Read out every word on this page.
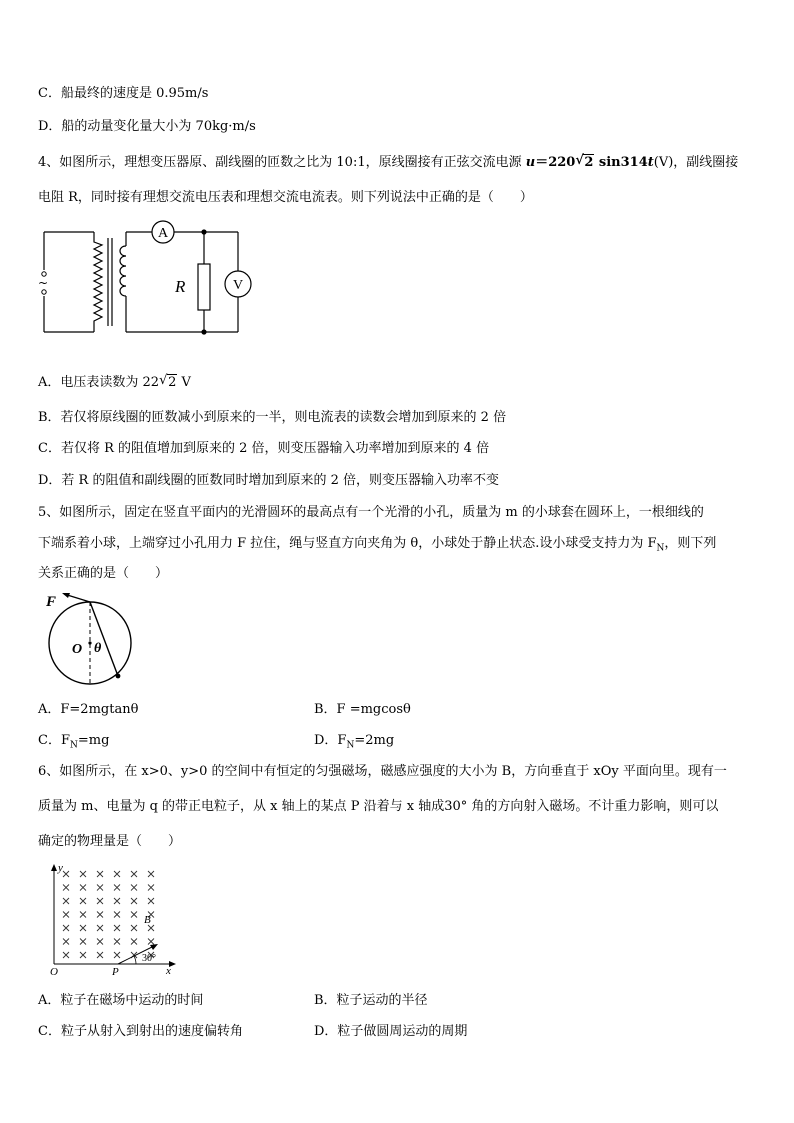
C．船最终的速度是 0.95m/s
D．船的动量变化量大小为 70kg·m/s
4、如图所示，理想变压器原、副线圈的匝数之比为 10:1，原线圈接有正弦交流电源 u＝220 √ 2 sin314t(V)，副线圈接
电阻 R，同时接有理想交流电压表和理想交流电流表。则下列说法中正确的是（　　）
~
A
V
R
A．电压表读数为 22 √ 2 V
B．若仅将原线圈的匝数减小到原来的一半，则电流表的读数会增加到原来的 2 倍
C．若仅将 R 的阻值增加到原来的 2 倍，则变压器输入功率增加到原来的 4 倍
D．若 R 的阻值和副线圈的匝数同时增加到原来的 2 倍，则变压器输入功率不变
5、如图所示，固定在竖直平面内的光滑圆环的最高点有一个光滑的小孔，质量为 m 的小球套在圆环上，一根细线的
下端系着小球，上端穿过小孔用力 F 拉住，绳与竖直方向夹角为 θ，小球处于静止状态.设小球受支持力为 $F_N$，则下列
关系正确的是（　　）
F
O θ
A．F=2mgtanθ	B．F =mgcosθ
C．$F_N=mg$	D．$F_N=2mg$
6、如图所示，在 x>0、y>0 的空间中有恒定的匀强磁场，磁感应强度的大小为 B，方向垂直于 xOy 平面向里。现有一
质量为 m、电量为 q 的带正电粒子，从 x 轴上的某点 P 沿着与 x 轴成30° 角的方向射入磁场。不计重力影响，则可以
确定的物理量是（　　）
y
x
O	P
B
30°
A．粒子在磁场中运动的时间	B．粒子运动的半径
C．粒子从射入到射出的速度偏转角	D．粒子做圆周运动的周期
